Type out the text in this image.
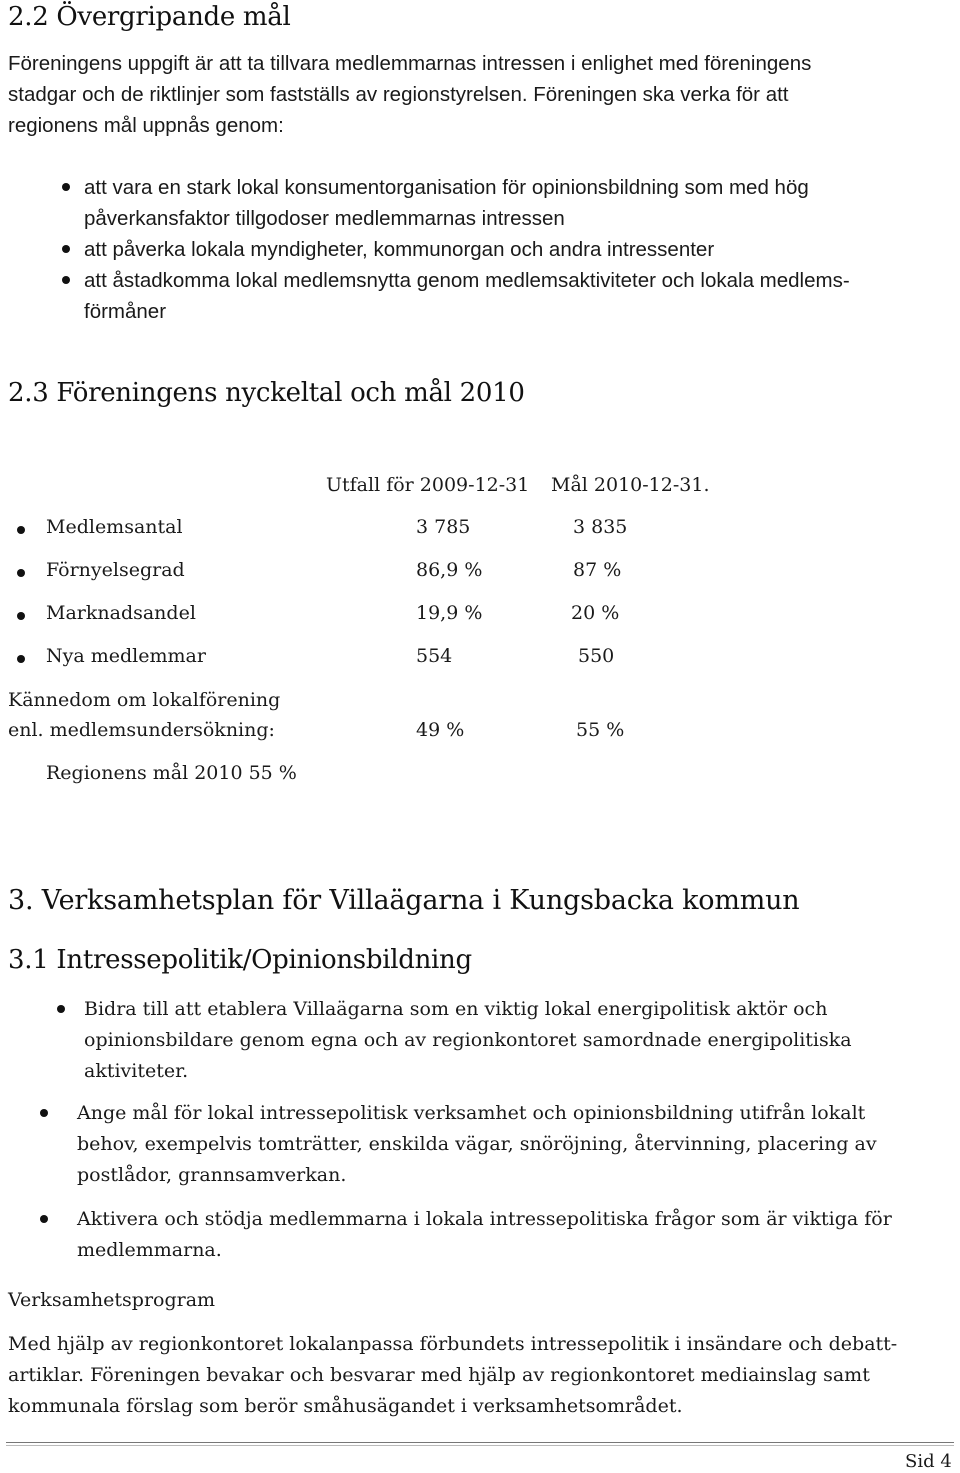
2.2 Övergripande mål
Föreningens uppgift är att ta tillvara medlemmarnas intressen i enlighet med föreningens
stadgar och de riktlinjer som fastställs av regionstyrelsen. Föreningen ska verka för att
regionens mål uppnås genom:
att vara en stark lokal konsumentorganisation för opinionsbildning som med hög
påverkansfaktor tillgodoser medlemmarnas intressen
att påverka lokala myndigheter, kommunorgan och andra intressenter
att åstadkomma lokal medlemsnytta genom medlemsaktiviteter och lokala medlems-
förmåner
2.3 Föreningens nyckeltal och mål 2010
Utfall för 2009-12-31 Mål 2010-12-31.
Medlemsantal	3 785	3 835
Förnyelsegrad	86,9 %	87 %
Marknadsandel	19,9 %	20 %
Nya medlemmar	554	550
Kännedom om lokalförening
enl. medlemsundersökning:	49 %	55 %
Regionens mål 2010 55 %
3. Verksamhetsplan för Villaägarna i Kungsbacka kommun
3.1 Intressepolitik/Opinionsbildning
Bidra till att etablera Villaägarna som en viktig lokal energipolitisk aktör och
opinionsbildare genom egna och av regionkontoret samordnade energipolitiska
aktiviteter.
Ange mål för lokal intressepolitisk verksamhet och opinionsbildning utifrån lokalt
behov, exempelvis tomträtter, enskilda vägar, snöröjning, återvinning, placering av
postlådor, grannsamverkan.
Aktivera och stödja medlemmarna i lokala intressepolitiska frågor som är viktiga för
medlemmarna.
Verksamhetsprogram
Med hjälp av regionkontoret lokalanpassa förbundets intressepolitik i insändare och debatt-
artiklar. Föreningen bevakar och besvarar med hjälp av regionkontoret mediainslag samt
kommunala förslag som berör småhusägandet i verksamhetsområdet.
Sid 4
